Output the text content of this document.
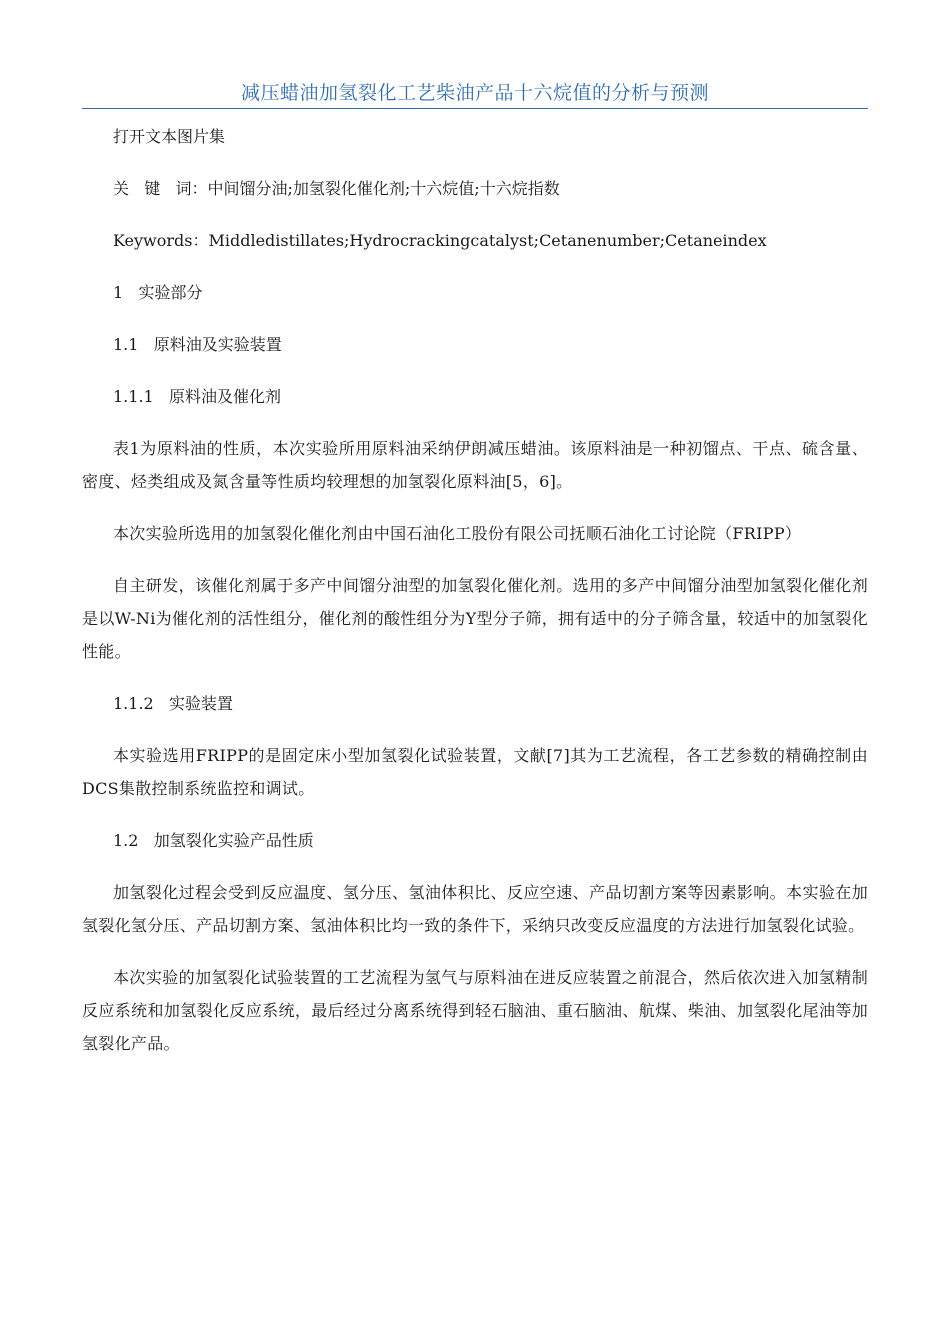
减压蜡油加氢裂化工艺柴油产品十六烷值的分析与预测
打开文本图片集
关   键   词：中间馏分油;加氢裂化催化剂;十六烷值;十六烷指数
Keywords：Middledistillates;Hydrocrackingcatalyst;Cetanenumber;Cetaneindex
1   实验部分
1.1   原料油及实验装置
1.1.1   原料油及催化剂
表1为原料油的性质，本次实验所用原料油采纳伊朗减压蜡油。该原料油是一种初馏点、干点、硫含量、密度、烃类组成及氮含量等性质均较理想的加氢裂化原料油[5，6]。
本次实验所选用的加氢裂化催化剂由中国石油化工股份有限公司抚顺石油化工讨论院（FRIPP）
自主研发，该催化剂属于多产中间馏分油型的加氢裂化催化剂。选用的多产中间馏分油型加氢裂化催化剂是以W-Ni为催化剂的活性组分，催化剂的酸性组分为Y型分子筛，拥有适中的分子筛含量，较适中的加氢裂化性能。
1.1.2   实验装置
本实验选用FRIPP的是固定床小型加氢裂化试验装置，文献[7]其为工艺流程，各工艺参数的精确控制由DCS集散控制系统监控和调试。
1.2   加氢裂化实验产品性质
加氢裂化过程会受到反应温度、氢分压、氢油体积比、反应空速、产品切割方案等因素影响。本实验在加氢裂化氢分压、产品切割方案、氢油体积比均一致的条件下，采纳只改变反应温度的方法进行加氢裂化试验。
本次实验的加氢裂化试验装置的工艺流程为氢气与原料油在进反应装置之前混合，然后依次进入加氢精制反应系统和加氢裂化反应系统，最后经过分离系统得到轻石脑油、重石脑油、航煤、柴油、加氢裂化尾油等加氢裂化产品。
